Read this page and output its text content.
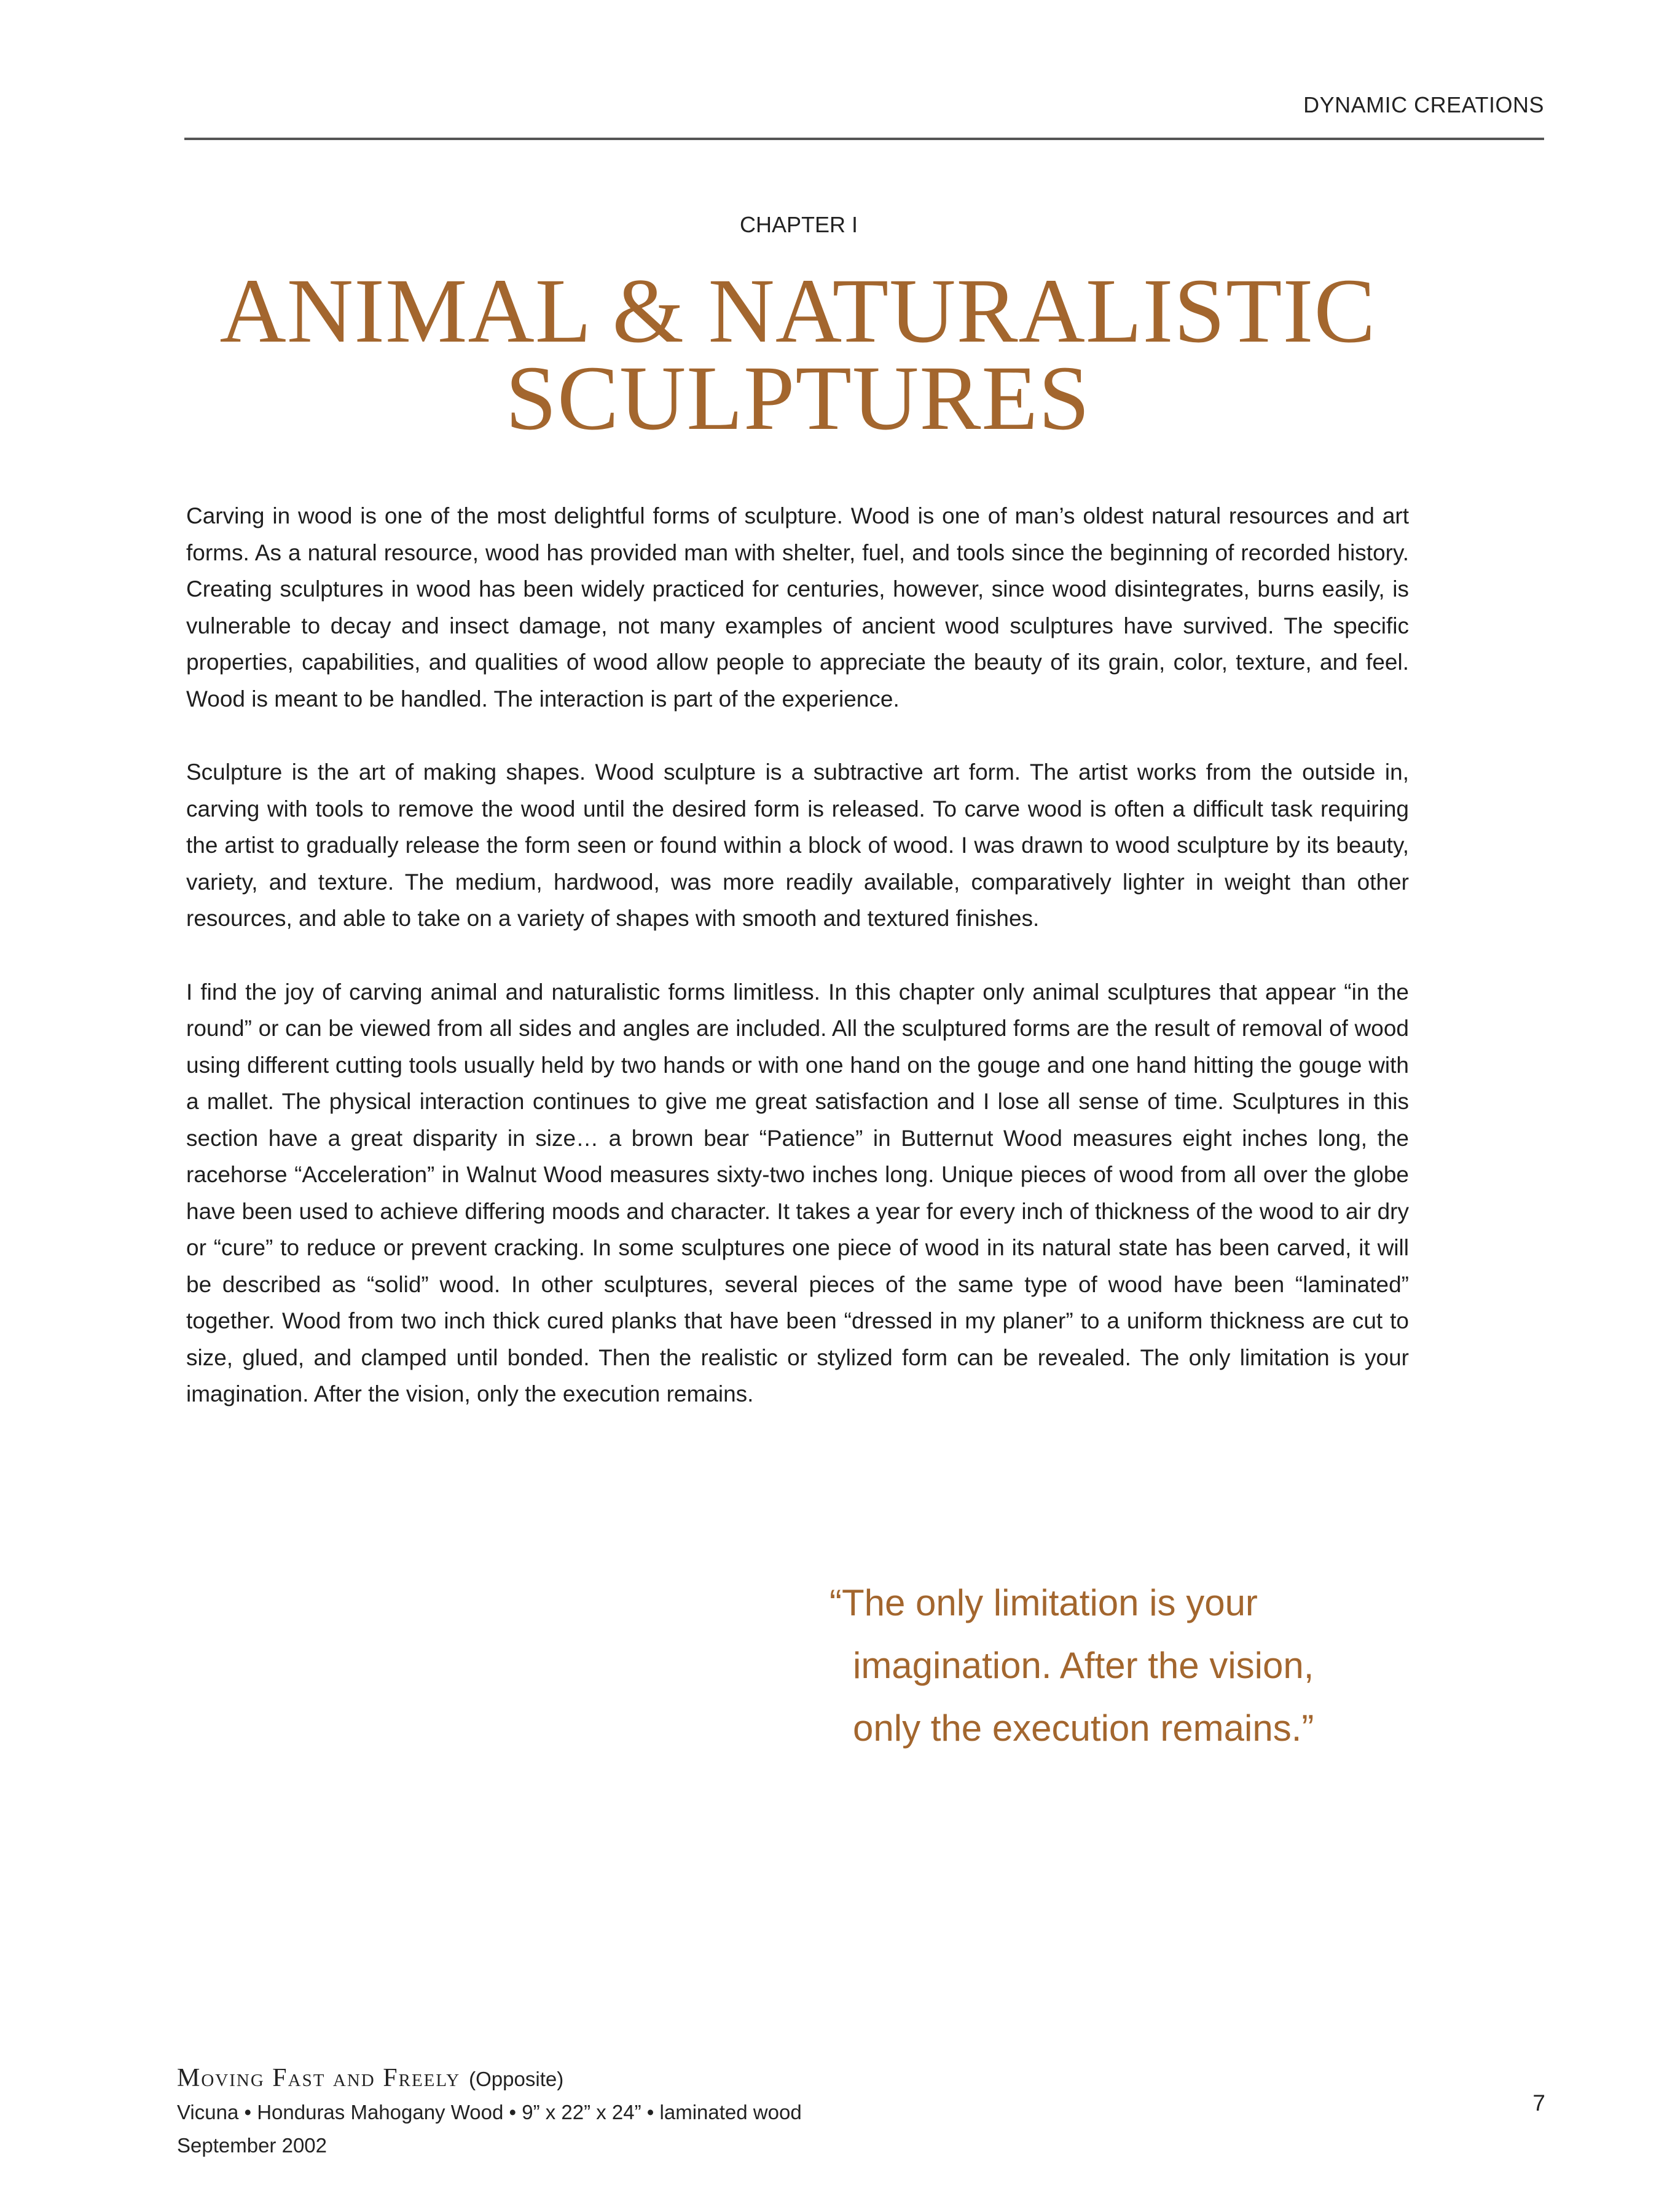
DYNAMIC CREATIONS
CHAPTER I
ANIMAL & NATURALISTIC
SCULPTURES

Carving in wood is one of the most delightful forms of sculpture. Wood is one of man’s oldest natural resources and art forms. As a natural resource, wood has provided man with shelter, fuel, and tools since the beginning of recorded history. Creating sculptures in wood has been widely practiced for centuries, however, since wood disintegrates, burns easily, is vulnerable to decay and insect damage, not many examples of ancient wood sculptures have survived. The specific properties, capabilities, and qualities of wood allow people to appreciate the beauty of its grain, color, texture, and feel. Wood is meant to be handled. The interaction is part of the experience.

Sculpture is the art of making shapes. Wood sculpture is a subtractive art form. The artist works from the outside in, carving with tools to remove the wood until the desired form is released. To carve wood is often a difficult task requiring the artist to gradually release the form seen or found within a block of wood. I was drawn to wood sculpture by its beauty, variety, and texture. The medium, hardwood, was more readily available, comparatively lighter in weight than other resources, and able to take on a variety of shapes with smooth and textured finishes.

I find the joy of carving animal and naturalistic forms limitless. In this chapter only animal sculptures that appear “in the round” or can be viewed from all sides and angles are included. All the sculptured forms are the result of removal of wood using different cutting tools usually held by two hands or with one hand on the gouge and one hand hitting the gouge with a mallet. The physical interaction continues to give me great satisfaction and I lose all sense of time. Sculptures in this section have a great disparity in size… a brown bear “Patience” in Butternut Wood measures eight inches long, the racehorse “Acceleration” in Walnut Wood measures sixty-two inches long. Unique pieces of wood from all over the globe have been used to achieve differing moods and character. It takes a year for every inch of thickness of the wood to air dry or “cure” to reduce or prevent cracking. In some sculptures one piece of wood in its natural state has been carved, it will be described as “solid” wood. In other sculptures, several pieces of the same type of wood have been “laminated” together. Wood from two inch thick cured planks that have been “dressed in my planer” to a uniform thickness are cut to size, glued, and clamped until bonded. Then the realistic or stylized form can be revealed. The only limitation is your imagination. After the vision, only the execution remains.

“The only limitation is your
imagination. After the vision,
only the execution remains.”
Moving Fast and Freely (Opposite)
Vicuna • Honduras Mahogany Wood • 9” x 22” x 24” • laminated wood
September 2002
7
